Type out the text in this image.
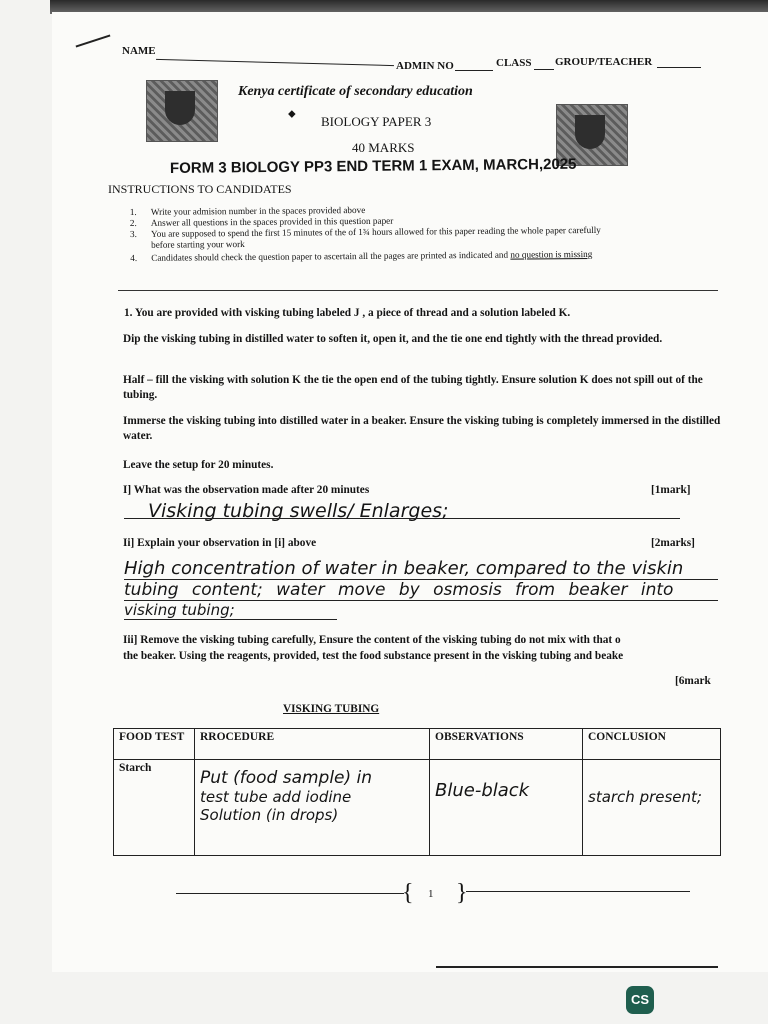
NAME
ADMIN NO	CLASS GROUP/TEACHER
Kenya certificate of secondary education
⬥ BIOLOGY PAPER 3
40 MARKS
FORM 3 BIOLOGY PP3 END TERM 1 EXAM, MARCH,2025
INSTRUCTIONS TO CANDIDATES
1. Write your admision number in the spaces provided above
2. Answer all questions in the spaces provided in this question paper
3. You are supposed to spend the first 15 minutes of the of 1¾ hours allowed for this paper reading the whole paper carefully
before starting your work
4. Candidates should check the question paper to ascertain all the pages are printed as indicated and no question is missing
1. You are provided with visking tubing labeled J , a piece of thread and a solution labeled K.
Dip the visking tubing in distilled water to soften it, open it, and the tie one end tightly with the thread provided.
Half – fill the visking with solution K the tie the open end of the tubing tightly. Ensure solution K does not spill out of the tubing.
Immerse the visking tubing into distilled water in a beaker. Ensure the visking tubing is completely immersed in the distilled water.
Leave the setup for 20 minutes.
I] What was the observation made after 20 minutes	[1mark]
Visking tubing swells/ Enlarges;
Ii] Explain your observation in [i] above	[2marks]
High concentration of water in beaker, compared to the viskin
tubing content; water move by osmosis from beaker into
visking tubing;
Iii] Remove the visking tubing carefully, Ensure the content of the visking tubing do not mix with that o
the beaker. Using the reagents, provided, test the food substance present in the visking tubing and beake
[6mark
VISKING TUBING
FOOD TEST	RROCEDURE	OBSERVATIONS	CONCLUSION
Starch	Put (food sample) in
test tube add iodine
Solution (in drops)	Blue-black	starch present;
{ 1 }
CS
